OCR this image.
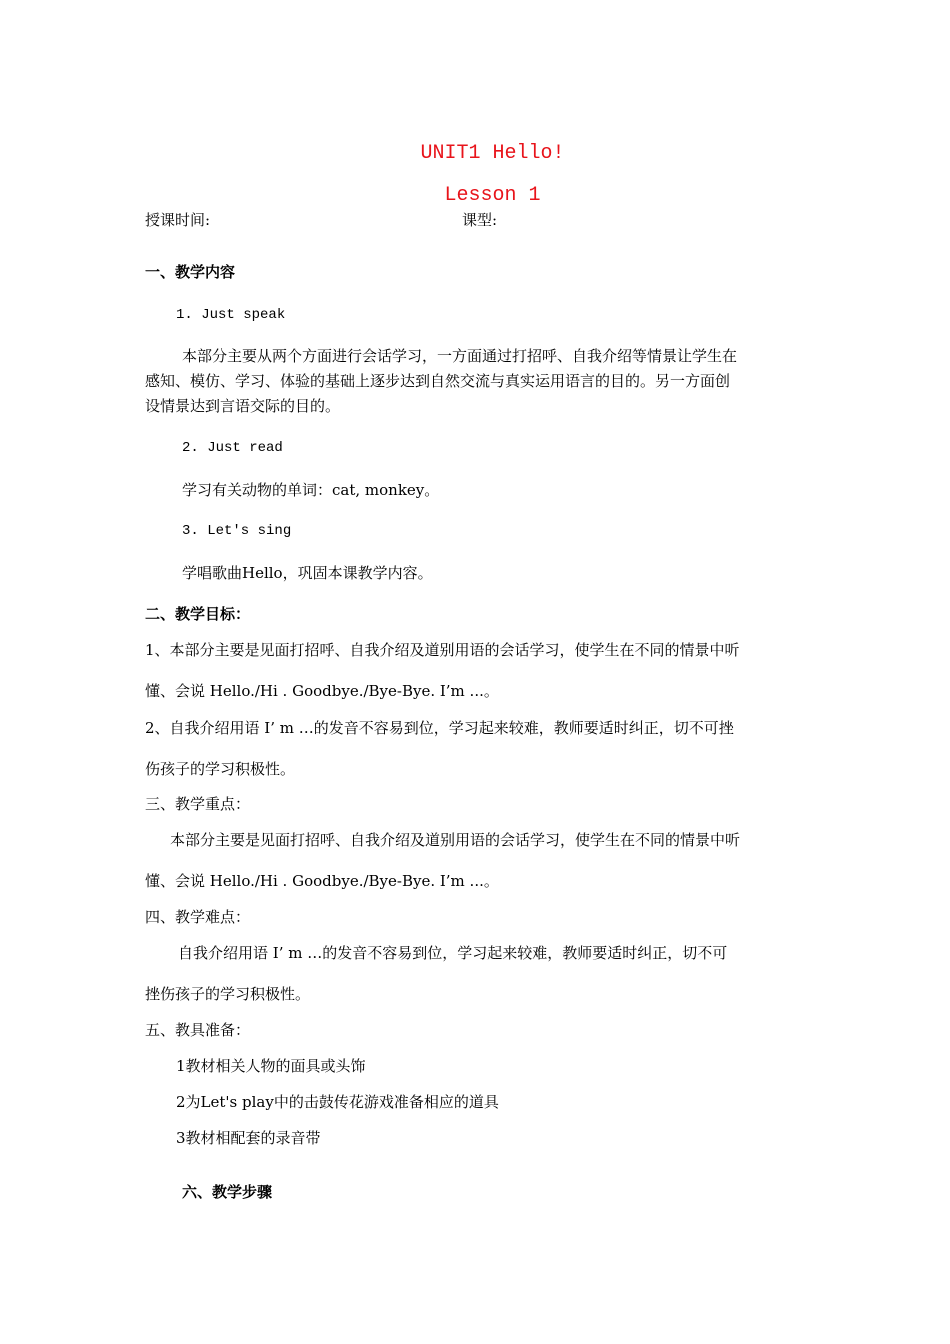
UNIT1 Hello!
Lesson 1
授课时间:	课型:
一、教学内容
1. Just speak
本部分主要从两个方面进行会话学习，一方面通过打招呼、自我介绍等情景让学生在
感知、模仿、学习、体验的基础上逐步达到自然交流与真实运用语言的目的。另一方面创
设情景达到言语交际的目的。
2. Just read
学习有关动物的单词：cat, monkey。
3. Let's sing
学唱歌曲Hello，巩固本课教学内容。
二、教学目标：
1、本部分主要是见面打招呼、自我介绍及道别用语的会话学习，使学生在不同的情景中听
懂、会说 Hello./Hi . Goodbye./Bye-Bye. I’m ...。
2、自我介绍用语 I’ m …的发音不容易到位，学习起来较难，教师要适时纠正，切不可挫
伤孩子的学习积极性。
三、教学重点：
本部分主要是见面打招呼、自我介绍及道别用语的会话学习，使学生在不同的情景中听
懂、会说 Hello./Hi . Goodbye./Bye-Bye. I’m ...。
四、教学难点：
自我介绍用语 I’ m …的发音不容易到位，学习起来较难，教师要适时纠正，切不可
挫伤孩子的学习积极性。
五、教具准备：
1教材相关人物的面具或头饰
2为Let's play中的击鼓传花游戏准备相应的道具
3教材相配套的录音带
六、教学步骤
